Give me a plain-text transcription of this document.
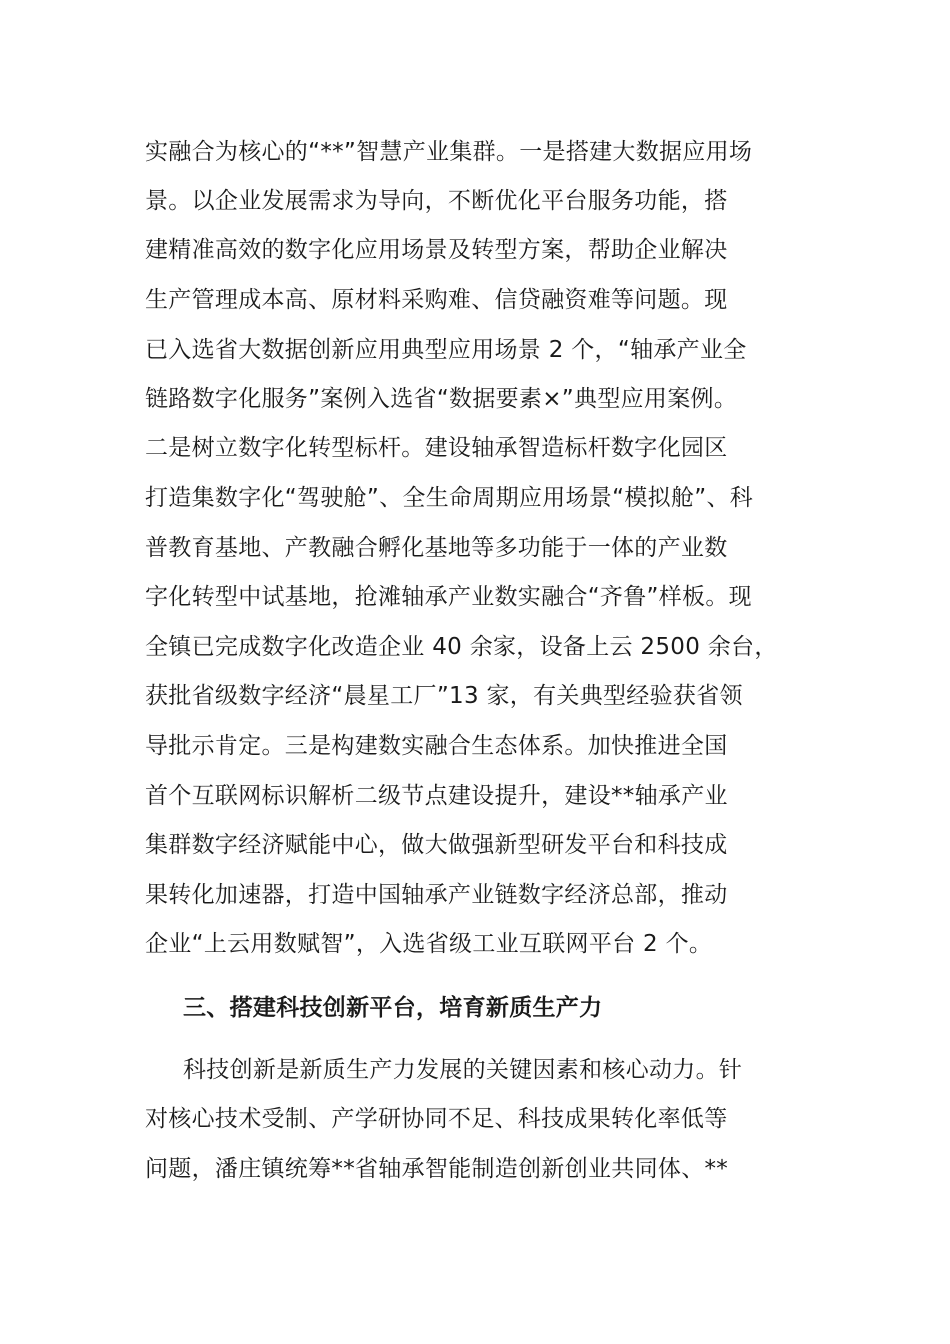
实融合为核心的“**”智慧产业集群。一是搭建大数据应用场
景。以企业发展需求为导向，不断优化平台服务功能，搭
建精准高效的数字化应用场景及转型方案，帮助企业解决
生产管理成本高、原材料采购难、信贷融资难等问题。现
已入选省大数据创新应用典型应用场景 2 个，“轴承产业全
链路数字化服务”案例入选省“数据要素×”典型应用案例。
二是树立数字化转型标杆。建设轴承智造标杆数字化园区
打造集数字化“驾驶舱”、全生命周期应用场景“模拟舱”、科
普教育基地、产教融合孵化基地等多功能于一体的产业数
字化转型中试基地，抢滩轴承产业数实融合“齐鲁”样板。现
全镇已完成数字化改造企业 40 余家，设备上云 2500 余台，
获批省级数字经济“晨星工厂”13 家，有关典型经验获省领
导批示肯定。三是构建数实融合生态体系。加快推进全国
首个互联网标识解析二级节点建设提升，建设**轴承产业
集群数字经济赋能中心，做大做强新型研发平台和科技成
果转化加速器，打造中国轴承产业链数字经济总部，推动
企业“上云用数赋智”，入选省级工业互联网平台 2 个。
三、搭建科技创新平台，培育新质生产力
科技创新是新质生产力发展的关键因素和核心动力。针
对核心技术受制、产学研协同不足、科技成果转化率低等
问题，潘庄镇统筹**省轴承智能制造创新创业共同体、**
